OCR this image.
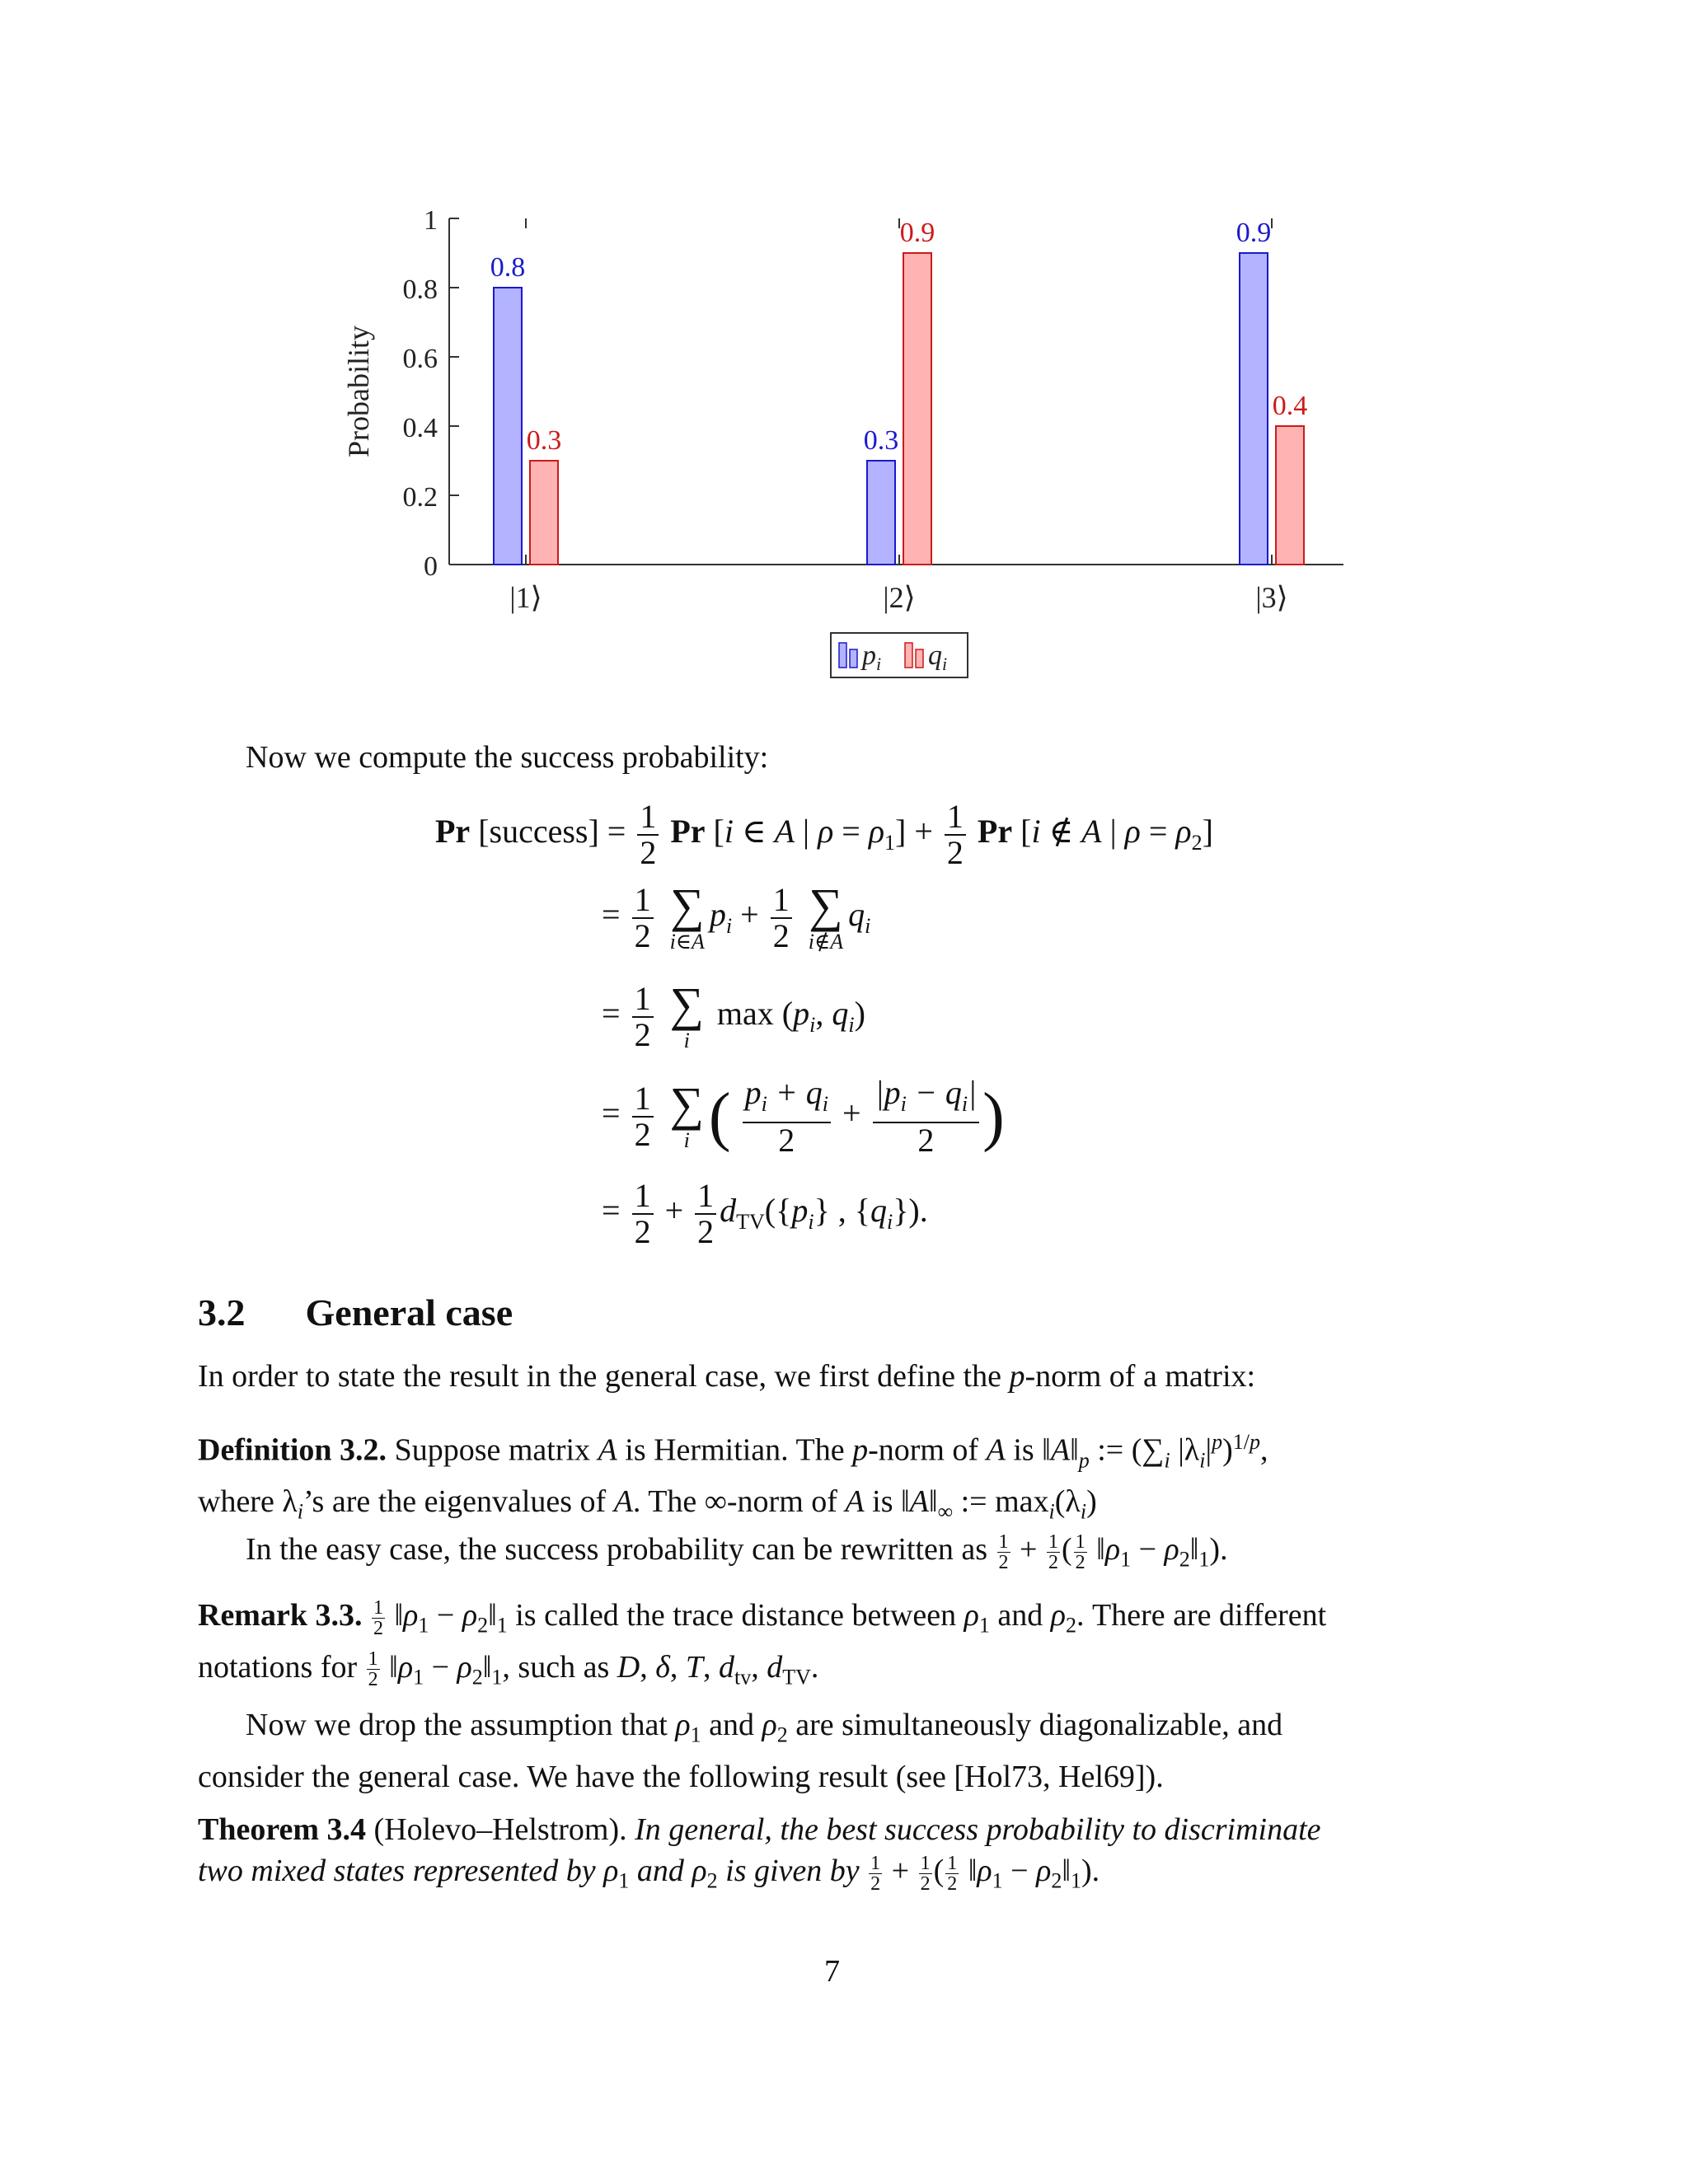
0
0.2
0.4
0.6
0.8
1
Probability
|1⟩
0.8
0.3
|2⟩
0.3
0.9
|3⟩
0.9
0.4
$p_i$ $q_i$
Now we compute the success probability:
Pr [success] = $\frac{1}{2}$ Pr [i ∈ A | $\rho = \rho_1] + \frac{1}{2}$ Pr [i ∉ A | $\rho = \rho_2$]
= $\frac{1}{2}$
∑
i∈A
$p_i + \frac{1}{2}$
∑
i∉A
$q_i$
= $\frac{1}{2}$
∑
i
$\max (p_i$, $q_i$)
= $\frac{1}{2}$
∑
i ( $\frac{p_i + q_i}{2} + \frac{|p_i - q_i|}{2}$ )
= $\frac{1}{2} + \frac{1}{2} d_{TV}(\{p_i\}$ , $\{q_i\}$).
3.2 General case
In order to state the result in the general case, we first define the p-norm of a matrix:
Definition 3.2. Suppose matrix A is Hermitian. The p-norm of A is $‖A‖_p$ := ($\sum_i$ $|\lambda_i|^p)^{1/p}$,
where $\lambda_i’s$ are the eigenvalues of A. The ∞-norm of A is $‖A‖_\infty$ := $\max_i(\lambda_i)$
In the easy case, the success probability can be rewritten as $\frac{1}{2} + \frac{1}{2}$ ( $\frac{1}{2}$ $‖\rho_1$ − $\rho_2‖_1$).
Remark 3.3. $\frac{1}{2}$ $‖\rho_1$ − $\rho_2‖_1$ is called the trace distance between $\rho_1$ and $\rho_2$. There are different
notations for $\frac{1}{2}$ $‖\rho_1$ − $\rho_2‖_1$, such as D, δ, T, $d_{tv}$, $d_{TV}$.
Now we drop the assumption that $\rho_1$ and $\rho_2$ are simultaneously diagonalizable, and
consider the general case. We have the following result (see [Hol73, Hel69]).
Theorem 3.4 (Holevo–Helstrom). In general, the best success probability to discriminate
two mixed states represented by $\rho_1$ and $\rho_2$ is given by $\frac{1}{2} + \frac{1}{2}$ ( $\frac{1}{2}$ $‖\rho_1$ − $\rho_2‖_1$).
7
